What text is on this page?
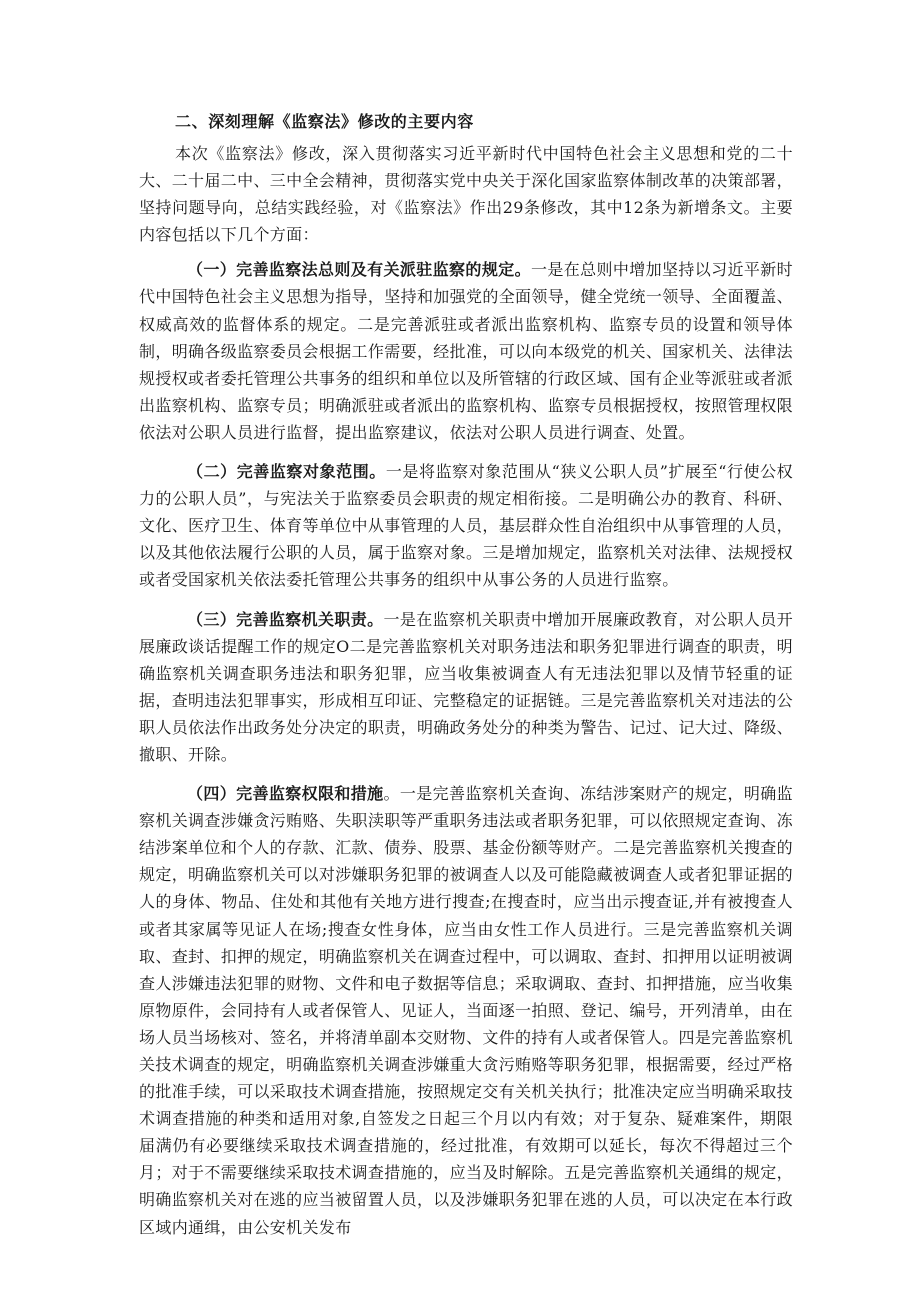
二、深刻理解《监察法》修改的主要内容

本次《监察法》修改，深入贯彻落实习近平新时代中国特色社会主义思想和党的二十大、二十届二中、三中全会精神，贯彻落实党中央关于深化国家监察体制改革的决策部署，坚持问题导向，总结实践经验，对《监察法》作出29条修改，其中12条为新增条文。主要内容包括以下几个方面：

（一）完善监察法总则及有关派驻监察的规定。一是在总则中增加坚持以习近平新时代中国特色社会主义思想为指导，坚持和加强党的全面领导，健全党统一领导、全面覆盖、权威高效的监督体系的规定。二是完善派驻或者派出监察机构、监察专员的设置和领导体制，明确各级监察委员会根据工作需要，经批准，可以向本级党的机关、国家机关、法律法规授权或者委托管理公共事务的组织和单位以及所管辖的行政区域、国有企业等派驻或者派出监察机构、监察专员；明确派驻或者派出的监察机构、监察专员根据授权，按照管理权限依法对公职人员进行监督，提出监察建议，依法对公职人员进行调查、处置。

（二）完善监察对象范围。一是将监察对象范围从“狭义公职人员”扩展至“行使公权力的公职人员”，与宪法关于监察委员会职责的规定相衔接。二是明确公办的教育、科研、文化、医疗卫生、体育等单位中从事管理的人员，基层群众性自治组织中从事管理的人员，以及其他依法履行公职的人员，属于监察对象。三是增加规定，监察机关对法律、法规授权或者受国家机关依法委托管理公共事务的组织中从事公务的人员进行监察。

（三）完善监察机关职责。一是在监察机关职责中增加开展廉政教育，对公职人员开展廉政谈话提醒工作的规定O二是完善监察机关对职务违法和职务犯罪进行调查的职责，明确监察机关调查职务违法和职务犯罪，应当收集被调查人有无违法犯罪以及情节轻重的证据，查明违法犯罪事实，形成相互印证、完整稳定的证据链。三是完善监察机关对违法的公职人员依法作出政务处分决定的职责，明确政务处分的种类为警告、记过、记大过、降级、撤职、开除。

（四）完善监察权限和措施。一是完善监察机关查询、冻结涉案财产的规定，明确监察机关调查涉嫌贪污贿赂、失职渎职等严重职务违法或者职务犯罪，可以依照规定查询、冻结涉案单位和个人的存款、汇款、债券、股票、基金份额等财产。二是完善监察机关搜查的规定，明确监察机关可以对涉嫌职务犯罪的被调查人以及可能隐藏被调查人或者犯罪证据的人的身体、物品、住处和其他有关地方进行搜查;在搜查时，应当出示搜查证,并有被搜查人或者其家属等见证人在场;搜查女性身体，应当由女性工作人员进行。三是完善监察机关调取、查封、扣押的规定，明确监察机关在调查过程中，可以调取、查封、扣押用以证明被调查人涉嫌违法犯罪的财物、文件和电子数据等信息；采取调取、查封、扣押措施，应当收集原物原件，会同持有人或者保管人、见证人，当面逐一拍照、登记、编号，开列清单，由在场人员当场核对、签名，并将清单副本交财物、文件的持有人或者保管人。四是完善监察机关技术调查的规定，明确监察机关调查涉嫌重大贪污贿赂等职务犯罪，根据需要，经过严格的批准手续，可以采取技术调查措施，按照规定交有关机关执行；批准决定应当明确采取技术调查措施的种类和适用对象,自签发之日起三个月以内有效；对于复杂、疑难案件，期限届满仍有必要继续采取技术调查措施的，经过批准，有效期可以延长，每次不得超过三个月；对于不需要继续采取技术调查措施的，应当及时解除。五是完善监察机关通缉的规定，明确监察机关对在逃的应当被留置人员，以及涉嫌职务犯罪在逃的人员，可以决定在本行政区域内通缉，由公安机关发布
